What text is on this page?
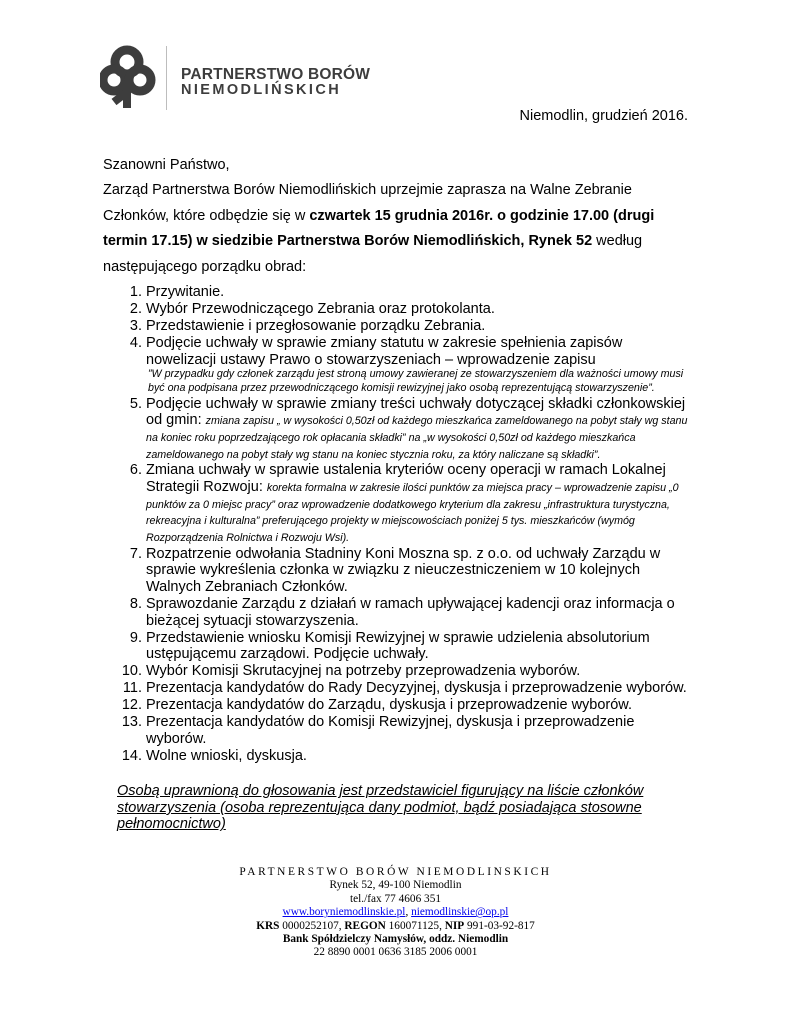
PARTNERSTWO BORÓW
NIEMODLIŃSKICH
Niemodlin, grudzień 2016.

Szanowni Państwo,

Zarząd Partnerstwa Borów Niemodlińskich uprzejmie zaprasza na Walne Zebranie Członków, które odbędzie się w czwartek 15 grudnia 2016r. o godzinie 17.00 (drugi termin 17.15) w siedzibie Partnerstwa Borów Niemodlińskich, Rynek 52 według następującego porządku obrad:

1. Przywitanie.
2. Wybór Przewodniczącego Zebrania oraz protokolanta.
3. Przedstawienie i przegłosowanie porządku Zebrania.
4. Podjęcie uchwały w sprawie zmiany statutu w zakresie spełnienia zapisów nowelizacji ustawy Prawo o stowarzyszeniach – wprowadzenie zapisu
”W przypadku gdy członek zarządu jest stroną umowy zawieranej ze stowarzyszeniem dla ważności umowy musi być ona podpisana przez przewodniczącego komisji rewizyjnej jako osobą reprezentującą stowarzyszenie”.
5. Podjęcie uchwały w sprawie zmiany treści uchwały dotyczącej składki członkowskiej od gmin: zmiana zapisu „ w wysokości 0,50zł od każdego mieszkańca zameldowanego na pobyt stały wg stanu na koniec roku poprzedzającego rok opłacania składki” na „w wysokości 0,50zł od każdego mieszkańca zameldowanego na pobyt stały wg stanu na koniec stycznia roku, za który naliczane są składki”.
6. Zmiana uchwały w sprawie ustalenia kryteriów oceny operacji w ramach Lokalnej Strategii Rozwoju: korekta formalna w zakresie ilości punktów za miejsca pracy – wprowadzenie zapisu „0 punktów za 0 miejsc pracy” oraz wprowadzenie dodatkowego kryterium dla zakresu „infrastruktura turystyczna, rekreacyjna i kulturalna” preferującego projekty w miejscowościach poniżej 5 tys. mieszkańców (wymóg Rozporządzenia Rolnictwa i Rozwoju Wsi).
7. Rozpatrzenie odwołania Stadniny Koni Moszna sp. z o.o. od uchwały Zarządu w sprawie wykreślenia członka w związku z nieuczestniczeniem w 10 kolejnych Walnych Zebraniach Członków.
8. Sprawozdanie Zarządu z działań w ramach upływającej kadencji oraz informacja o bieżącej sytuacji stowarzyszenia.
9. Przedstawienie wniosku Komisji Rewizyjnej w sprawie udzielenia absolutorium ustępującemu zarządowi. Podjęcie uchwały.
10. Wybór Komisji Skrutacyjnej na potrzeby przeprowadzenia wyborów.
11. Prezentacja kandydatów do Rady Decyzyjnej, dyskusja i przeprowadzenie wyborów.
12. Prezentacja kandydatów do Zarządu, dyskusja i przeprowadzenie wyborów.
13. Prezentacja kandydatów do Komisji Rewizyjnej, dyskusja i przeprowadzenie wyborów.
14. Wolne wnioski, dyskusja.
Osobą uprawnioną do głosowania jest przedstawiciel figurujący na liście członków stowarzyszenia (osoba reprezentująca dany podmiot, bądź posiadająca stosowne pełnomocnictwo)
PARTNERSTWO BORÓW NIEMODLINSKICH
Rynek 52, 49-100 Niemodlin
tel./fax 77 4606 351
www.boryniemodlinskie.pl, niemodlinskie@op.pl
KRS 0000252107, REGON 160071125, NIP 991-03-92-817
Bank Spółdzielczy Namysłów, oddz. Niemodlin
22 8890 0001 0636 3185 2006 0001
